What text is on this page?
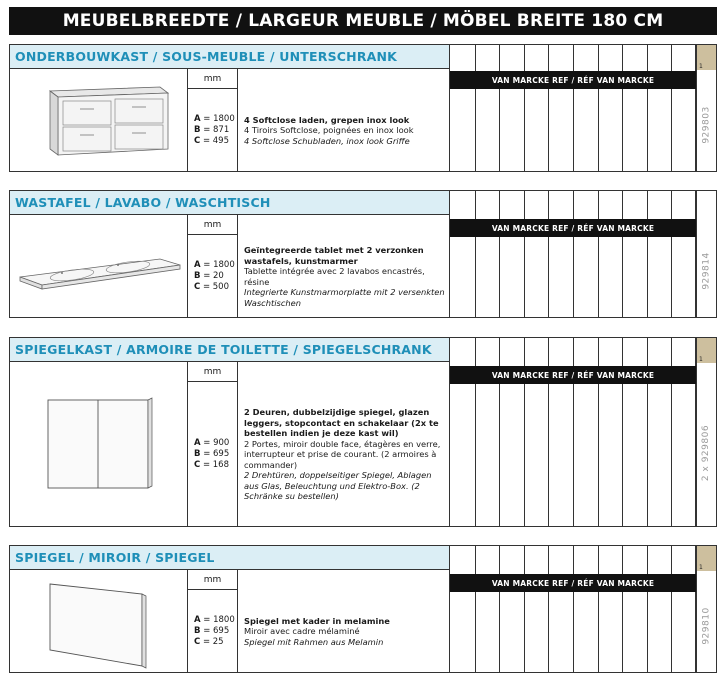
MEUBELBREEDTE / LARGEUR MEUBLE / MÖBEL BREITE 180 CM
ONDERBOUWKAST / SOUS-MEUBLE / UNTERSCHRANK
mm
A = 1800
B = 871
C = 495
4 Softclose laden, grepen inox look
4 Tiroirs Softclose, poignées en inox look
4 Softclose Schubladen, inox look Griffe
VAN MARCKE REF / RÉF VAN MARCKE
1
929803
WASTAFEL / LAVABO / WASCHTISCH
mm
A = 1800
B = 20
C = 500
Geïntegreerde tablet met 2 verzonken wastafels, kunstmarmer
Tablette intégrée avec 2 lavabos encastrés, résine
Integrierte Kunstmarmorplatte mit 2 versenkten Waschtischen
VAN MARCKE REF / RÉF VAN MARCKE
929814
SPIEGELKAST / ARMOIRE DE TOILETTE / SPIEGELSCHRANK
mm
A = 900
B = 695
C = 168
2 Deuren, dubbelzijdige spiegel, glazen leggers, stopcontact en schakelaar (2x te bestellen indien je deze kast wil)
2 Portes, miroir double face, étagères en verre, interrupteur et prise de courant. (2 armoires à commander)
2 Drehtüren, doppelseitiger Spiegel, Ablagen aus Glas, Beleuchtung und Elektro-Box. (2 Schränke su bestellen)
VAN MARCKE REF / RÉF VAN MARCKE
1
2 x 929806
SPIEGEL / MIROIR / SPIEGEL
mm
A = 1800
B = 695
C = 25
Spiegel met kader in melamine
Miroir avec cadre mélaminé
Spiegel mit Rahmen aus Melamin
VAN MARCKE REF / RÉF VAN MARCKE
1
929810
